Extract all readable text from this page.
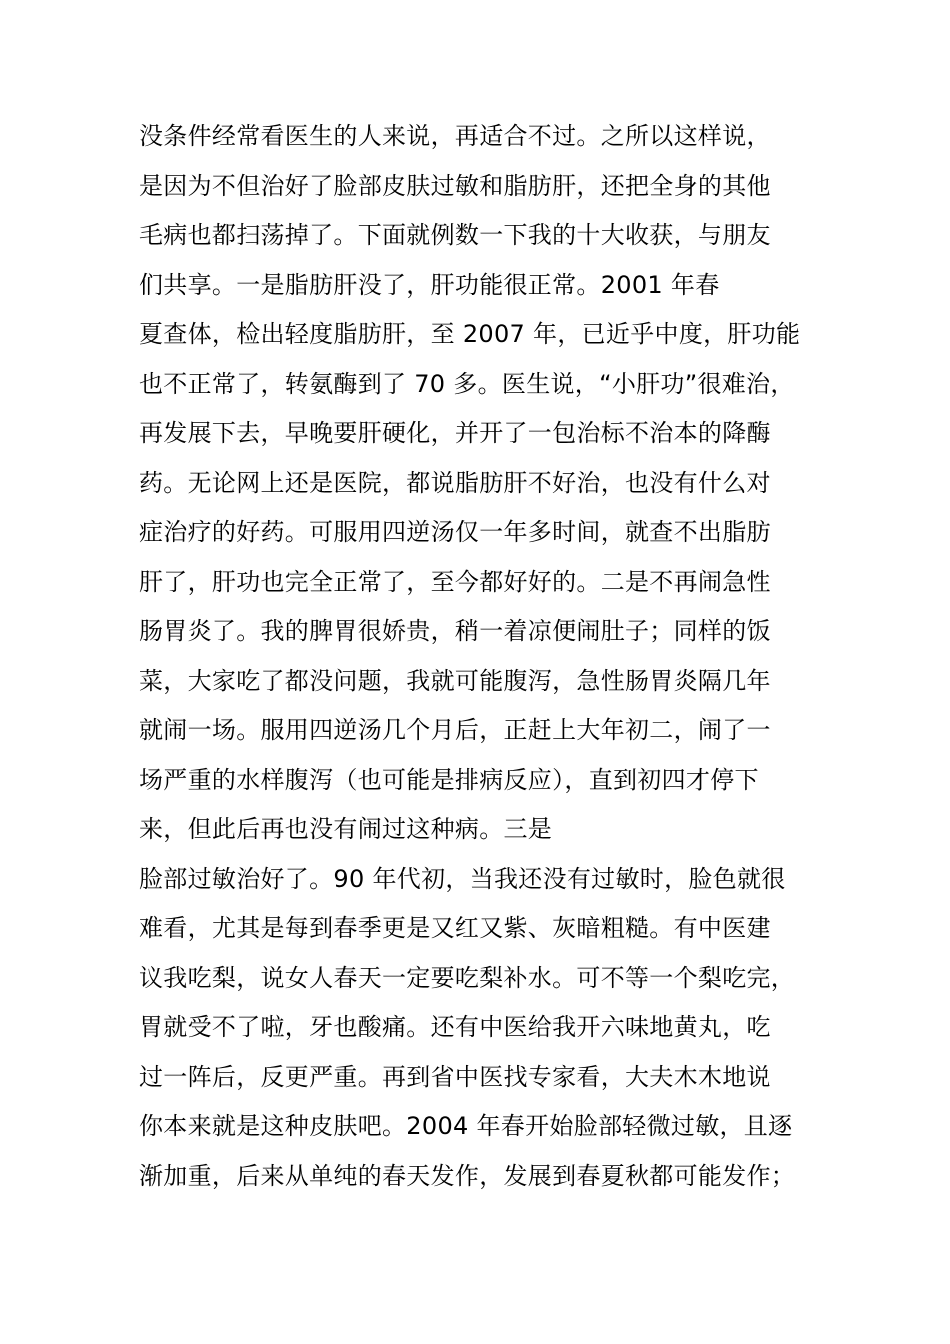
没条件经常看医生的人来说，再适合不过。之所以这样说，
是因为不但治好了脸部皮肤过敏和脂肪肝，还把全身的其他
毛病也都扫荡掉了。下面就例数一下我的十大收获，与朋友
们共享。一是脂肪肝没了，肝功能很正常。2001 年春
夏查体，检出轻度脂肪肝，至 2007 年，已近乎中度，肝功能
也不正常了，转氨酶到了 70 多。医生说，“小肝功”很难治，
再发展下去，早晚要肝硬化，并开了一包治标不治本的降酶
药。无论网上还是医院，都说脂肪肝不好治，也没有什么对
症治疗的好药。可服用四逆汤仅一年多时间，就查不出脂肪
肝了，肝功也完全正常了，至今都好好的。二是不再闹急性
肠胃炎了。我的脾胃很娇贵，稍一着凉便闹肚子；同样的饭
菜，大家吃了都没问题，我就可能腹泻，急性肠胃炎隔几年
就闹一场。服用四逆汤几个月后，正赶上大年初二，闹了一
场严重的水样腹泻（也可能是排病反应），直到初四才停下
来，但此后再也没有闹过这种病。三是
脸部过敏治好了。90 年代初，当我还没有过敏时，脸色就很
难看，尤其是每到春季更是又红又紫、灰暗粗糙。有中医建
议我吃梨，说女人春天一定要吃梨补水。可不等一个梨吃完，
胃就受不了啦，牙也酸痛。还有中医给我开六味地黄丸，吃
过一阵后，反更严重。再到省中医找专家看，大夫木木地说
你本来就是这种皮肤吧。2004 年春开始脸部轻微过敏，且逐
渐加重，后来从单纯的春天发作，发展到春夏秋都可能发作；
